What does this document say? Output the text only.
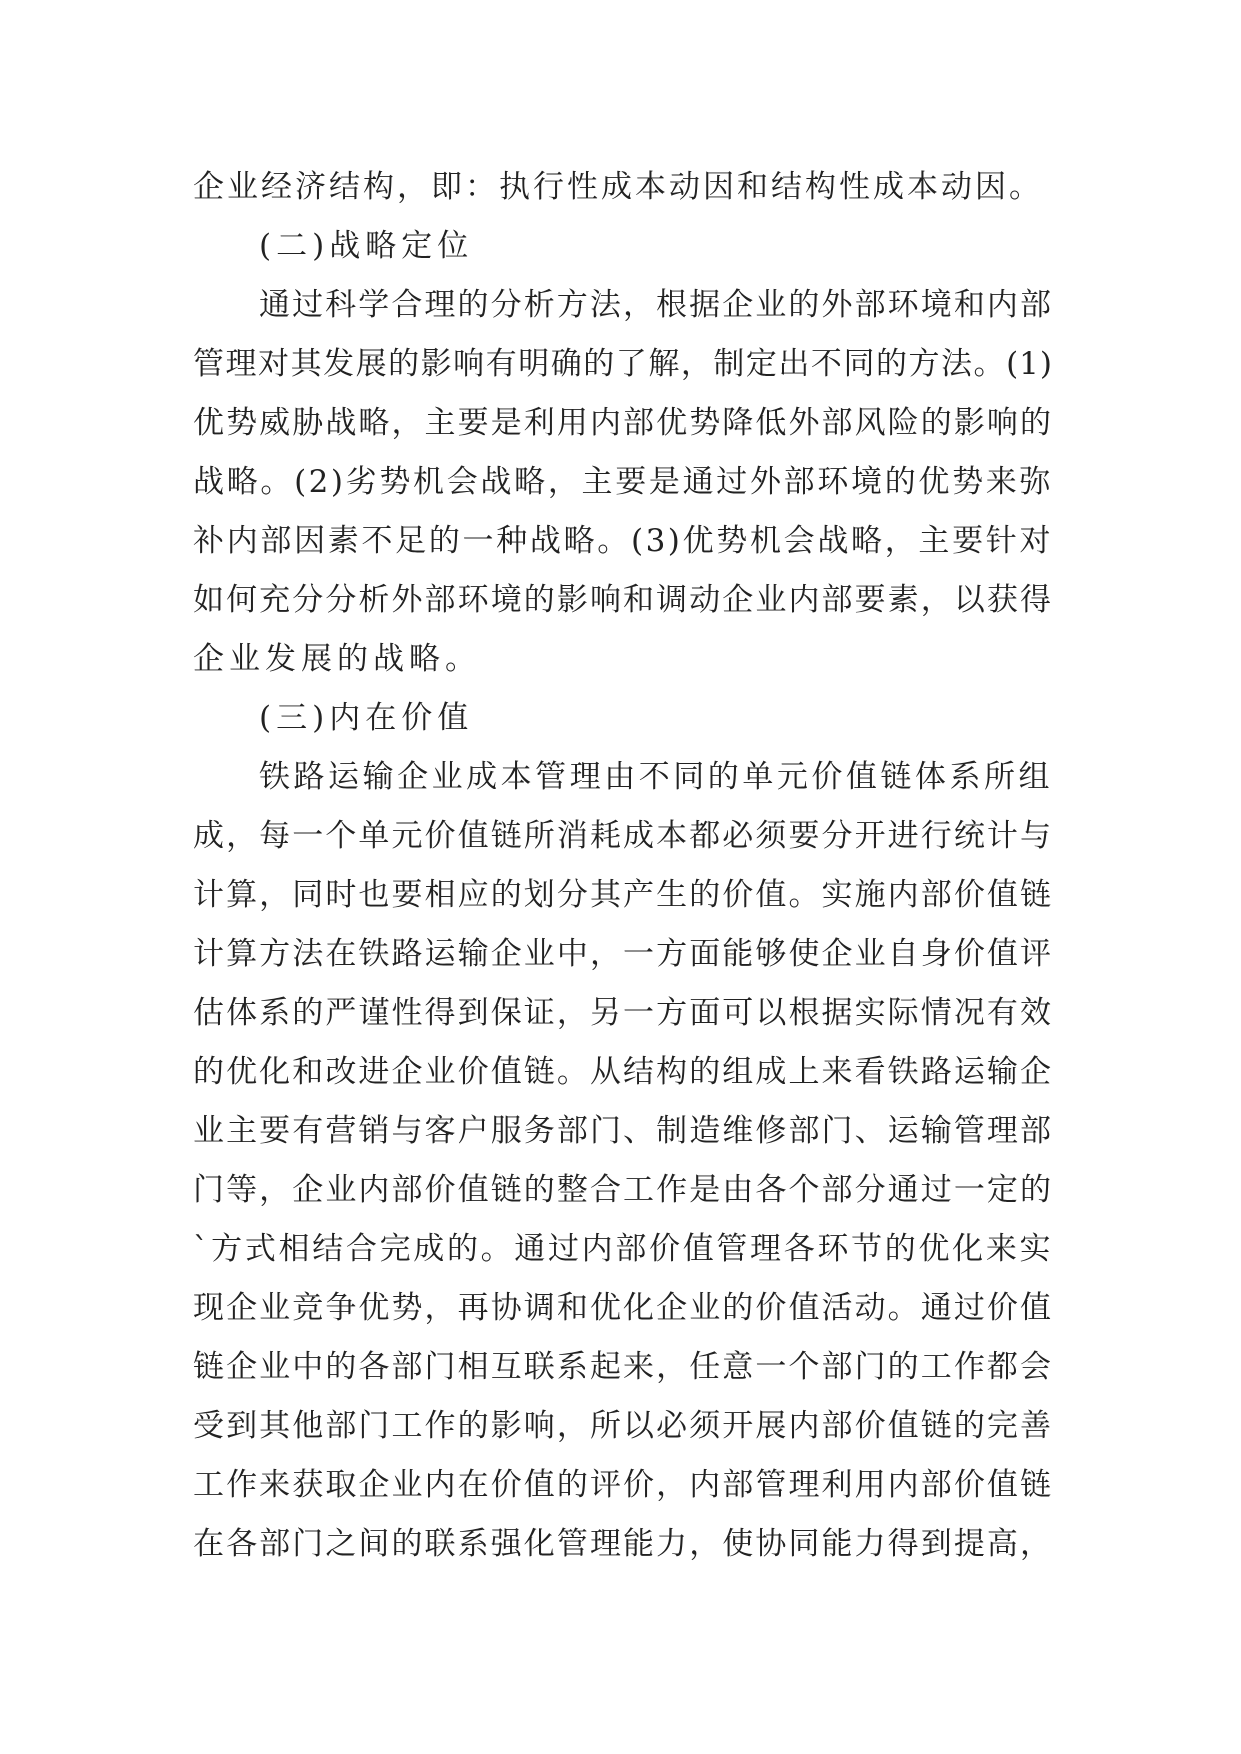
企业经济结构，即：执行性成本动因和结构性成本动因。
(二)战略定位
通过科学合理的分析方法，根据企业的外部环境和内部
管理对其发展的影响有明确的了解，制定出不同的方法。(1)
优势威胁战略，主要是利用内部优势降低外部风险的影响的
战略。(2)劣势机会战略，主要是通过外部环境的优势来弥
补内部因素不足的一种战略。(3)优势机会战略，主要针对
如何充分分析外部环境的影响和调动企业内部要素，以获得
企业发展的战略。
(三)内在价值
铁路运输企业成本管理由不同的单元价值链体系所组
成，每一个单元价值链所消耗成本都必须要分开进行统计与
计算，同时也要相应的划分其产生的价值。实施内部价值链
计算方法在铁路运输企业中，一方面能够使企业自身价值评
估体系的严谨性得到保证，另一方面可以根据实际情况有效
的优化和改进企业价值链。从结构的组成上来看铁路运输企
业主要有营销与客户服务部门、制造维修部门、运输管理部
门等，企业内部价值链的整合工作是由各个部分通过一定的
`方式相结合完成的。通过内部价值管理各环节的优化来实
现企业竞争优势，再协调和优化企业的价值活动。通过价值
链企业中的各部门相互联系起来，任意一个部门的工作都会
受到其他部门工作的影响，所以必须开展内部价值链的完善
工作来获取企业内在价值的评价，内部管理利用内部价值链
在各部门之间的联系强化管理能力，使协同能力得到提高，
